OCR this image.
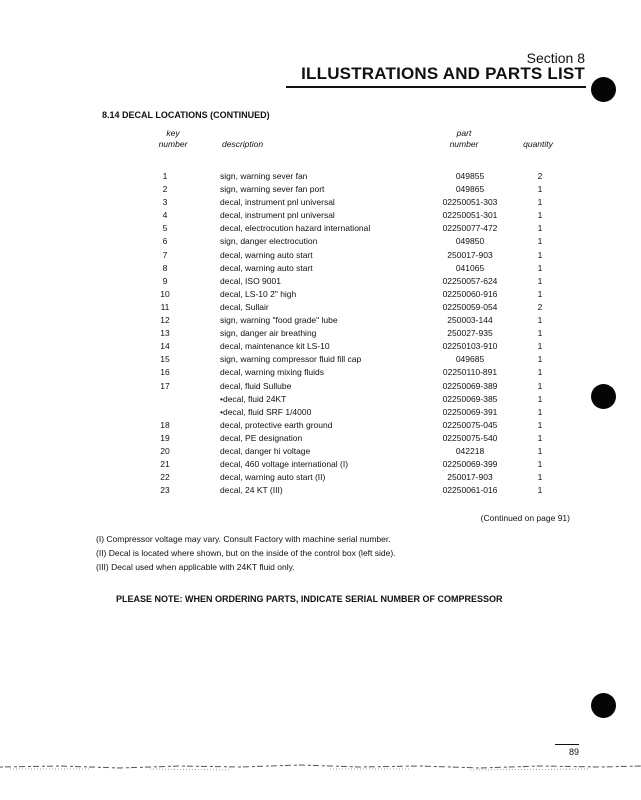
Section 8
ILLUSTRATIONS AND PARTS LIST
8.14 DECAL LOCATIONS (CONTINUED)
key
number	description
part
number	quantity
1	sign, warning sever fan	049855	2
2	sign, warning sever fan port	049865	1
3	decal, instrument pnl universal	02250051-303	1
4	decal, instrument pnl universal	02250051-301	1
5	decal, electrocution hazard international	02250077-472	1
6	sign, danger electrocution	049850	1
7	decal, warning auto start	250017-903	1
8	decal, warning auto start	041065	1
9	decal, ISO 9001	02250057-624	1
10	decal, LS-10 2" high	02250060-916	1
11	decal, Sullair	02250059-054	2
12	sign, warning "food grade" lube	250003-144	1
13	sign, danger air breathing	250027-935	1
14	decal, maintenance kit LS-10	02250103-910	1
15	sign, warning compressor fluid fill cap	049685	1
16	decal, warning mixing fluids	02250110-891	1
17	decal, fluid Sullube	02250069-389	1
	•decal, fluid 24KT	02250069-385	1
	•decal, fluid SRF 1/4000	02250069-391	1
18	decal, protective earth ground	02250075-045	1
19	decal, PE designation	02250075-540	1
20	decal, danger hi voltage	042218	1
21	decal, 460 voltage international (I)	02250069-399	1
22	decal, warning auto start (II)	250017-903	1
23	decal, 24 KT (III)	02250061-016	1
(Continued on page 91)
(I) Compressor voltage may vary. Consult Factory with machine serial number.
(II) Decal is located where shown, but on the inside of the control box (left side).
(III) Decal used when applicable with 24KT fluid only.
PLEASE NOTE: WHEN ORDERING PARTS, INDICATE SERIAL NUMBER OF COMPRESSOR
89
